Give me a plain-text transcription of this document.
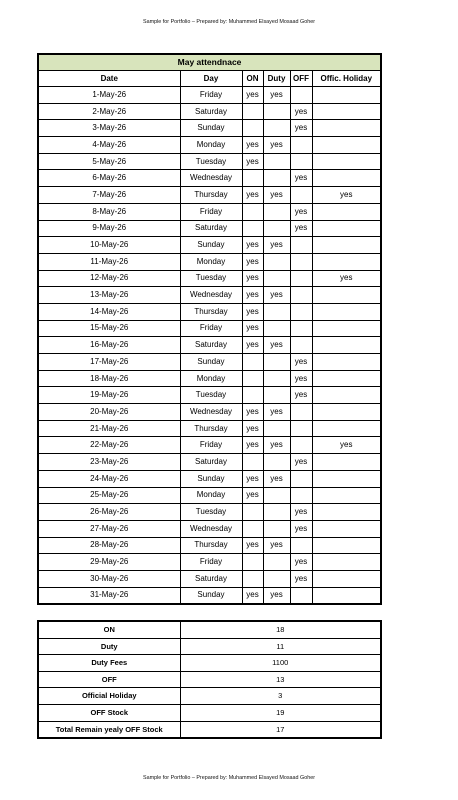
Sample for Portfolio – Prepared by: Muhammed Elsayed Mosaad Goher
May attendnace					
Date	Day	ON	Duty	OFF	Offic. Holiday
1-May-26	Friday	yes	yes		
2-May-26	Saturday			yes	
3-May-26	Sunday			yes	
4-May-26	Monday	yes	yes		
5-May-26	Tuesday	yes			
6-May-26	Wednesday			yes	
7-May-26	Thursday	yes	yes		yes
8-May-26	Friday			yes	
9-May-26	Saturday			yes	
10-May-26	Sunday	yes	yes		
11-May-26	Monday	yes			
12-May-26	Tuesday	yes			yes
13-May-26	Wednesday	yes	yes		
14-May-26	Thursday	yes			
15-May-26	Friday	yes			
16-May-26	Saturday	yes	yes		
17-May-26	Sunday			yes	
18-May-26	Monday			yes	
19-May-26	Tuesday			yes	
20-May-26	Wednesday	yes	yes		
21-May-26	Thursday	yes			
22-May-26	Friday	yes	yes		yes
23-May-26	Saturday			yes	
24-May-26	Sunday	yes	yes		
25-May-26	Monday	yes			
26-May-26	Tuesday			yes	
27-May-26	Wednesday			yes	
28-May-26	Thursday	yes	yes		
29-May-26	Friday			yes	
30-May-26	Saturday			yes	
31-May-26	Sunday	yes	yes		
ON	18
Duty	11
Duty Fees	1100
OFF	13
Official Holiday	3
OFF Stock	19
Total Remain yealy OFF Stock	17
Sample for Portfolio – Prepared by: Muhammed Elsayed Mosaad Goher
